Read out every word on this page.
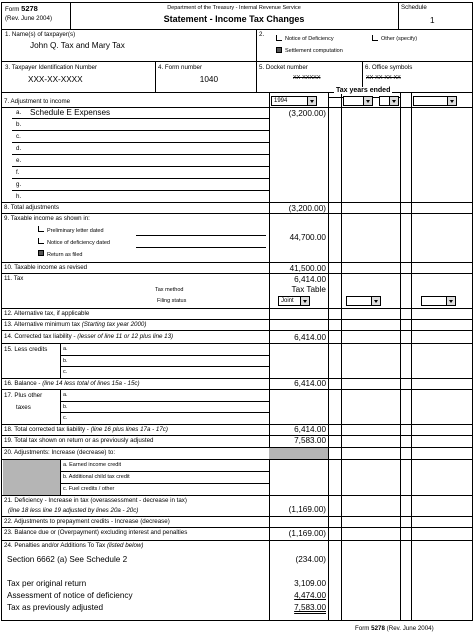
Form 5278
(Rev. June 2004)
Department of the Treasury - Internal Revenue Service
Statement - Income Tax Changes
Schedule
1
1. Name(s) of taxpayer(s)
John Q. Tax and Mary Tax
2.
Notice of Deficiency	Other (specify)
Settlement computation
3. Taxpayer Identification Number
XXX-XX-XXXX
4. Form number
1040
5. Docket number
XX-XXXXX
6. Office symbols
XX-XX-XX-XX
Tax years ended
1994
7. Adjustment to income
a. Schedule E Expenses	(3,200.00)
b.
c.
d.
e.
f.
g.
h.
8. Total adjustments	(3,200.00)
9. Taxable income as shown in:
Preliminary letter dated
Notice of deficiency dated
Return as filed
44,700.00
10. Taxable income as revised	41,500.00
11. Tax	6,414.00
Tax method	Tax Table
Filing status	Joint
12. Alternative tax, if applicable
13. Alternative minimum tax (Starting tax year 2000)
14. Corrected tax liability - (lesser of line 11 or 12 plus line 13)	6,414.00
15. Less credits	a.
b.
c.
16. Balance - (line 14 less total of lines 15a - 15c)	6,414.00
17. Plus other
taxes
a.
b.
c.
18. Total corrected tax liability - (line 16 plus lines 17a - 17c)	6,414.00
19. Total tax shown on return or as previously adjusted	7,583.00
20. Adjustments: Increase (decrease) to:
a. Earned income credit
b. Additional child tax credit
c. Fuel credits / other
21. Deficiency - Increase in tax (overassessment - decrease in tax)
(line 18 less line 19 adjusted by lines 20a - 20c)	(1,169.00)
22. Adjustments to prepayment credits - Increase (decrease)
23. Balance due or (Overpayment) excluding interest and penalties	(1,169.00)
24. Penalties and/or Additions To Tax (listed below)
Section 6662 (a) See Schedule 2	(234.00)
Tax per original return	3,109.00
Assessment of notice of deficiency	4,474.00
Tax as previously adjusted	7,583.00
Form 5278 (Rev. June 2004)
